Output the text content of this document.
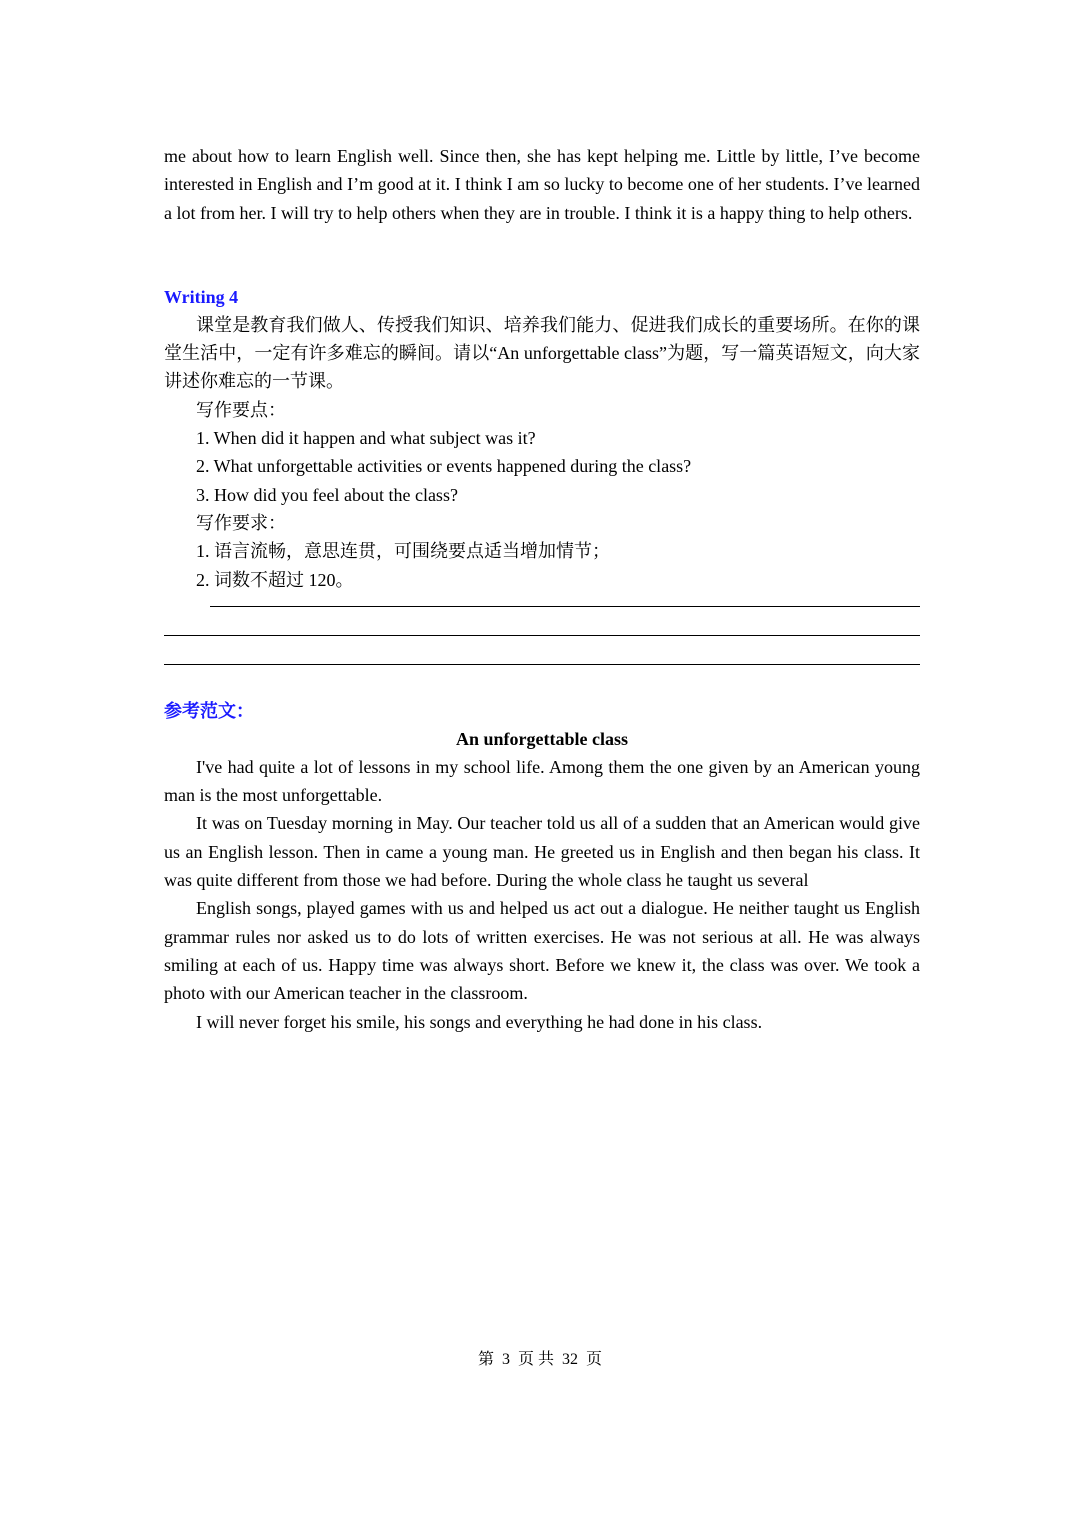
me about how to learn English well. Since then, she has kept helping me. Little by little, I’ve become interested in English and I’m good at it. I think I am so lucky to become one of her students. I’ve learned a lot from her. I will try to help others when they are in trouble. I think it is a happy thing to help others.

Writing 4

课堂是教育我们做人、传授我们知识、培养我们能力、促进我们成长的重要场所。在你的课堂生活中，一定有许多难忘的瞬间。请以“An unforgettable class”为题，写一篇英语短文，向大家讲述你难忘的一节课。

写作要点：

1. When did it happen and what subject was it?

2. What unforgettable activities or events happened during the class?

3. How did you feel about the class?

写作要求：

1. 语言流畅，意思连贯，可围绕要点适当增加情节；

2. 词数不超过 120。

参考范文：

An unforgettable class

I've had quite a lot of lessons in my school life. Among them the one given by an American young man is the most unforgettable.

It was on Tuesday morning in May. Our teacher told us all of a sudden that an American would give us an English lesson. Then in came a young man. He greeted us in English and then began his class. It was quite different from those we had before. During the whole class he taught us several

English songs, played games with us and helped us act out a dialogue. He neither taught us English grammar rules nor asked us to do lots of written exercises. He was not serious at all. He was always smiling at each of us. Happy time was always short. Before we knew it, the class was over. We took a photo with our American teacher in the classroom.

I will never forget his smile, his songs and everything he had done in his class.

第 3 页 共 32 页
